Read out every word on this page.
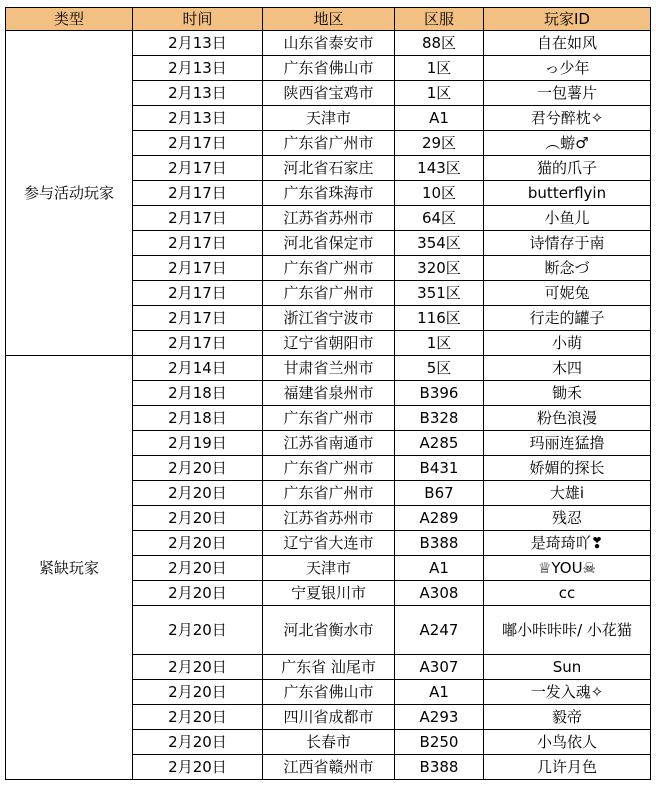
类型	时间	地区	区服	玩家ID
参与活动玩家	2月13日	山东省泰安市	88区	自在如风
	2月13日	广东省佛山市	1区	っ少年
	2月13日	陕西省宝鸡市	1区	一包薯片
	2月13日	天津市	A1	君兮醉枕✧
	2月17日	广东省广州市	29区	︵蝣♂
	2月17日	河北省石家庄	143区	猫的爪子
	2月17日	广东省珠海市	10区	butterflyin
	2月17日	江苏省苏州市	64区	小鱼儿
	2月17日	河北省保定市	354区	诗情存于南
	2月17日	广东省广州市	320区	断念づ
	2月17日	广东省广州市	351区	可妮兔
	2月17日	浙江省宁波市	116区	行走的罐子
	2月17日	辽宁省朝阳市	1区	小萌
紧缺玩家	2月14日	甘肃省兰州市	5区	木四
	2月18日	福建省泉州市	B396	锄禾
	2月18日	广东省广州市	B328	粉色浪漫
	2月19日	江苏省南通市	A285	玛丽连猛撸
	2月20日	广东省广州市	B431	娇媚的探长
	2月20日	广东省广州市	B67	大雄i
	2月20日	江苏省苏州市	A289	残忍
	2月20日	辽宁省大连市	B388	是琦琦吖❣
	2月20日	天津市	A1	♕YOU☠
	2月20日	宁夏银川市	A308	cc
	2月20日	河北省衡水市	A247	嘟小咔咔咔/ 小花猫
	2月20日	广东省 汕尾市	A307	Sun
	2月20日	广东省佛山市	A1	一发入魂✧
	2月20日	四川省成都市	A293	毅帝
	2月20日	长春市	B250	小鸟依人
	2月20日	江西省赣州市	B388	几许月色
